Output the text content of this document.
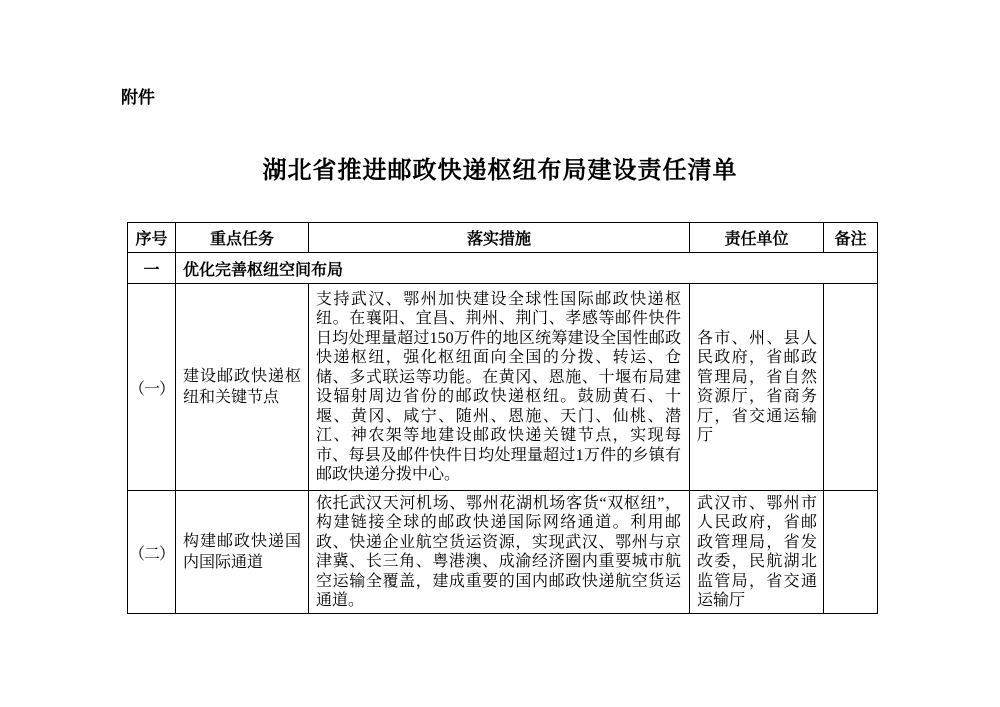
附件
湖北省推进邮政快递枢纽布局建设责任清单
序号	重点任务	落实措施	责任单位	备注
一	优化完善枢纽空间布局			
（一）	建设邮政快递枢纽和关键节点	支持武汉、鄂州加快建设全球性国际邮政快递枢纽。在襄阳、宜昌、荆州、荆门、孝感等邮件快件日均处理量超过150万件的地区统筹建设全国性邮政快递枢纽，强化枢纽面向全国的分拨、转运、仓储、多式联运等功能。在黄冈、恩施、十堰布局建设辐射周边省份的邮政快递枢纽。鼓励黄石、十堰、黄冈、咸宁、随州、恩施、天门、仙桃、潜江、神农架等地建设邮政快递关键节点，实现每市、每县及邮件快件日均处理量超过1万件的乡镇有邮政快递分拨中心。	各市、州、县人民政府，省邮政管理局，省自然资源厅，省商务厅，省交通运输厅	
（二）	构建邮政快递国内国际通道	依托武汉天河机场、鄂州花湖机场客货“双枢纽”，构建链接全球的邮政快递国际网络通道。利用邮政、快递企业航空货运资源，实现武汉、鄂州与京津冀、长三角、粤港澳、成渝经济圈内重要城市航空运输全覆盖，建成重要的国内邮政快递航空货运通道。	武汉市、鄂州市人民政府，省邮政管理局，省发改委，民航湖北监管局，省交通运输厅	
